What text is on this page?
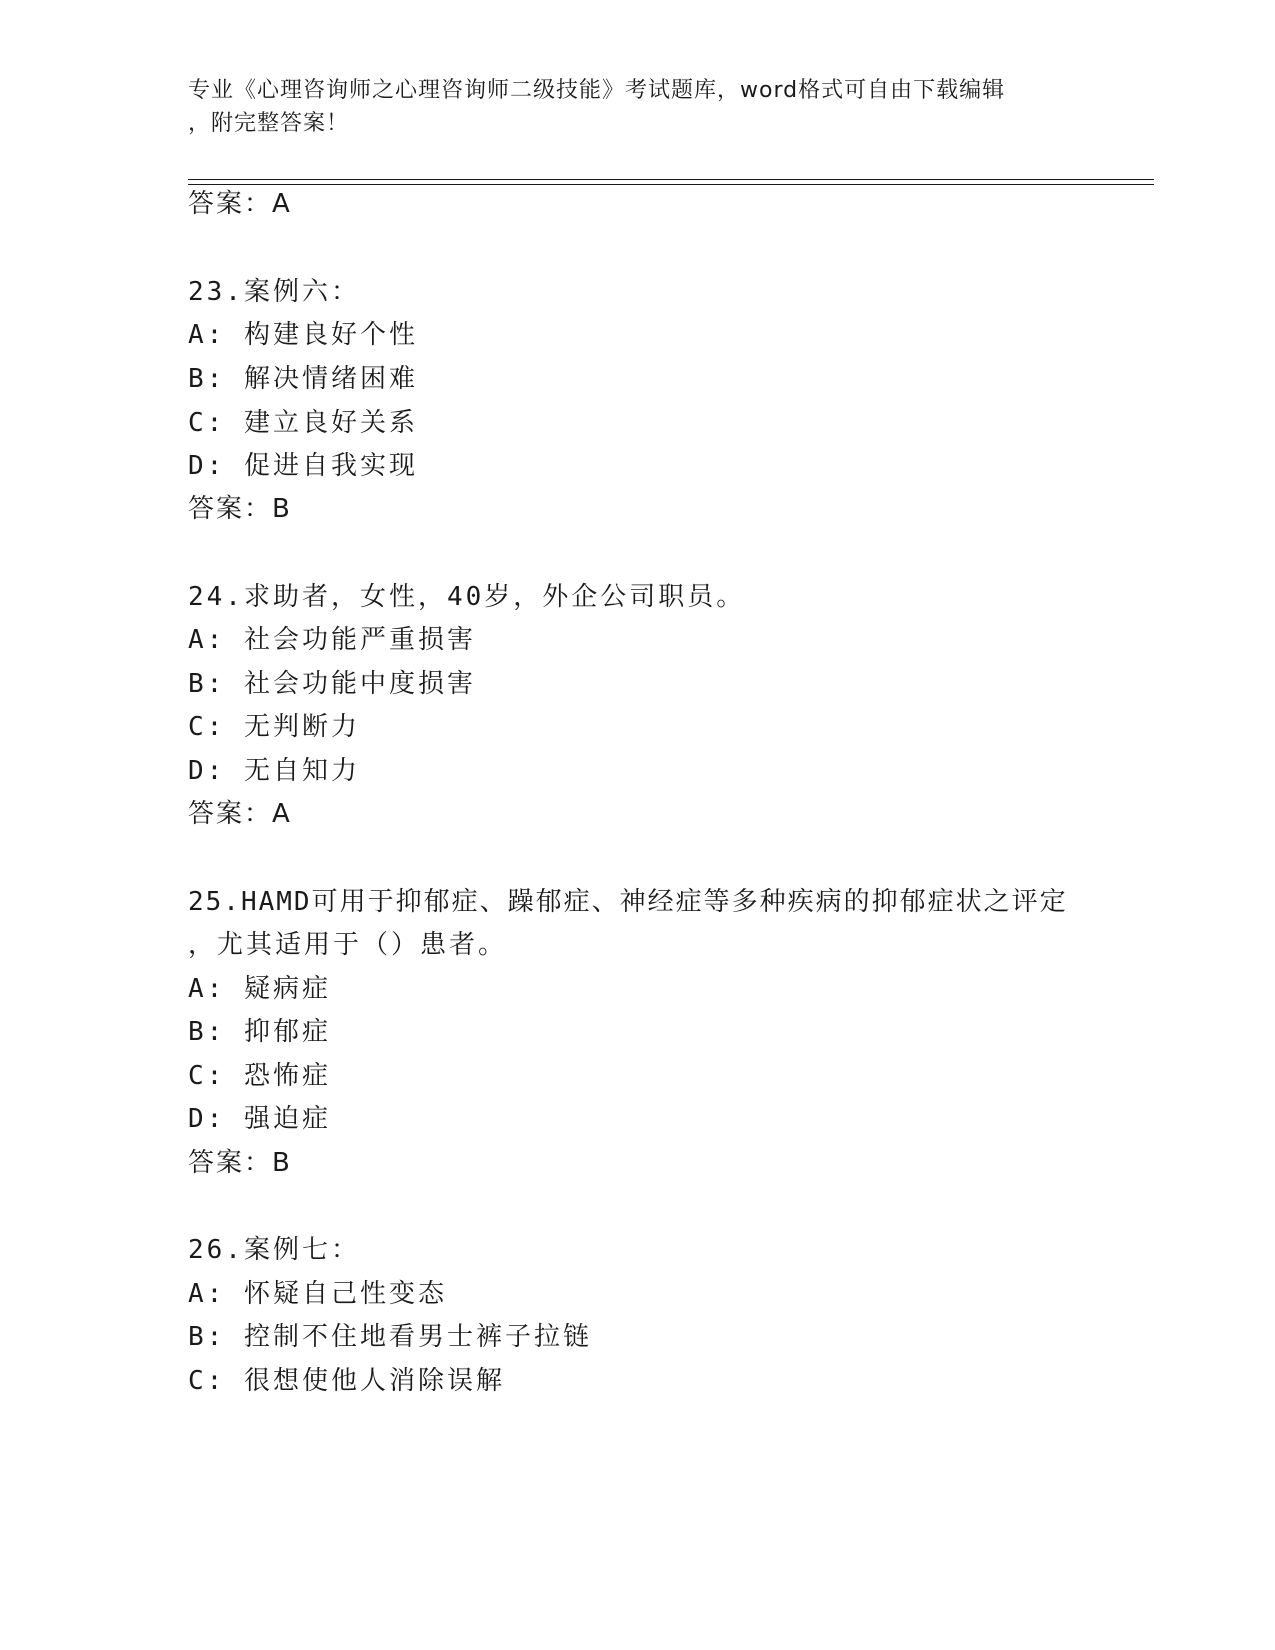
专业《心理咨询师之心理咨询师二级技能》考试题库，word格式可自由下载编辑
，附完整答案！
答案：A
23.案例六：
A: 构建良好个性
B: 解决情绪困难
C: 建立良好关系
D: 促进自我实现
答案：B
24.求助者，女性，40岁，外企公司职员。
A: 社会功能严重损害
B: 社会功能中度损害
C: 无判断力
D: 无自知力
答案：A
25.HAMD可用于抑郁症、躁郁症、神经症等多种疾病的抑郁症状之评定
，尤其适用于（）患者。
A: 疑病症
B: 抑郁症
C: 恐怖症
D: 强迫症
答案：B
26.案例七：
A: 怀疑自己性变态
B: 控制不住地看男士裤子拉链
C: 很想使他人消除误解
